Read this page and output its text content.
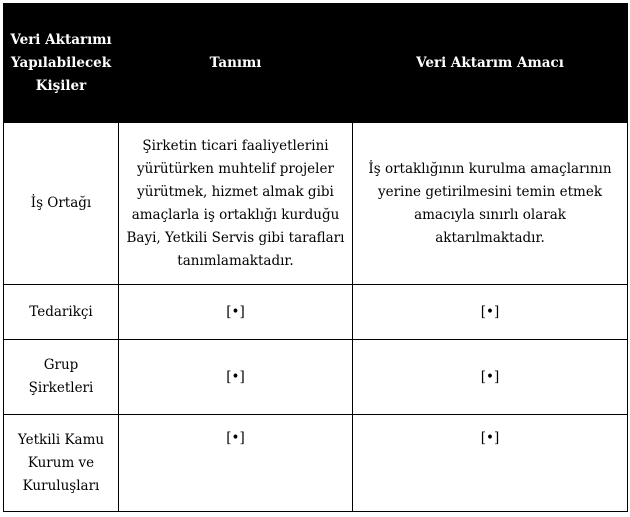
Veri Aktarımı Yapılabilecek Kişiler	Tanımı	Veri Aktarım Amacı
İş Ortağı	Şirketin ticari faaliyetlerini yürütürken muhtelif projeler yürütmek, hizmet almak gibi amaçlarla iş ortaklığı kurduğu Bayi, Yetkili Servis gibi tarafları tanımlamaktadır.	İş ortaklığının kurulma amaçlarının yerine getirilmesini temin etmek amacıyla sınırlı olarak aktarılmaktadır.
Tedarikçi	[•]	[•]
Grup Şirketleri	[•]	[•]
Yetkili Kamu Kurum ve Kuruluşları	[•]	[•]
